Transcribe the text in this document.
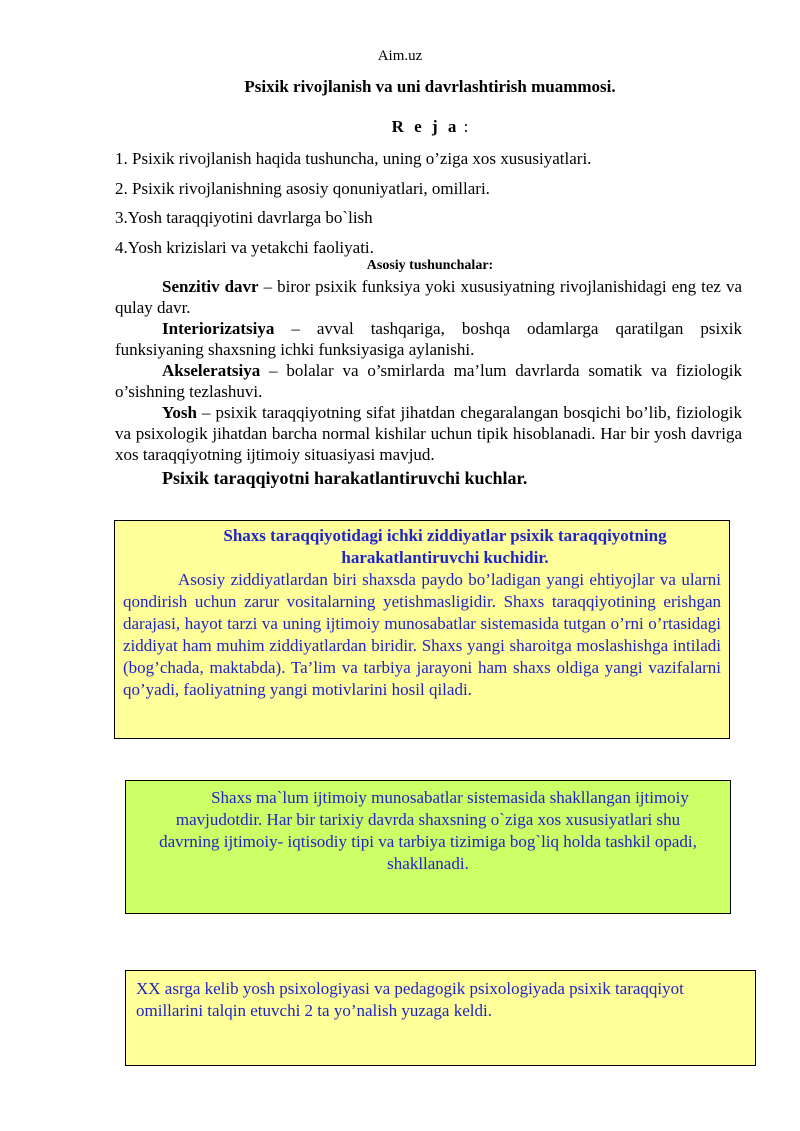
Aim.uz
Psixik rivojlanish va uni davrlashtirish muammosi.
R e j a :
1. Psixik rivojlanish haqida tushuncha, uning o’ziga xos xususiyatlari.
2. Psixik rivojlanishning asosiy qonuniyatlari, omillari.
3.Yosh taraqqiyotini davrlarga bo`lish
4.Yosh krizislari va yetakchi faoliyati.
Asosiy tushunchalar:

Senzitiv davr – biror psixik funksiya yoki xususiyatning rivojlanishidagi eng tez va qulay davr.

Interiorizatsiya – avval tashqariga, boshqa odamlarga qaratilgan psixik funksiyaning shaxsning ichki funksiyasiga aylanishi.

Akseleratsiya – bolalar va o’smirlarda ma’lum davrlarda somatik va fiziologik o’sishning tezlashuvi.

Yosh – psixik taraqqiyotning sifat jihatdan chegaralangan bosqichi bo’lib, fiziologik va psixologik jihatdan barcha normal kishilar uchun tipik hisoblanadi. Har bir yosh davriga xos taraqqiyotning ijtimoiy situasiyasi mavjud.

Psixik taraqqiyotni harakatlantiruvchi kuchlar.

Shaxs taraqqiyotidagi ichki ziddiyatlar psixik taraqqiyotning harakatlantiruvchi kuchidir.

Asosiy ziddiyatlardan biri shaxsda paydo bo’ladigan yangi ehtiyojlar va ularni qondirish uchun zarur vositalarning yetishmasligidir. Shaxs taraqqiyotining erishgan darajasi, hayot tarzi va uning ijtimoiy munosabatlar sistemasida tutgan o’rni o’rtasidagi ziddiyat ham muhim ziddiyatlardan biridir. Shaxs yangi sharoitga moslashishga intiladi (bog’chada, maktabda). Ta’lim va tarbiya jarayoni ham shaxs oldiga yangi vazifalarni qo’yadi, faoliyatning yangi motivlarini hosil qiladi.

Shaxs ma`lum ijtimoiy munosabatlar sistemasida shakllangan ijtimoiy mavjudotdir. Har bir tarixiy davrda shaxsning o`ziga xos xususiyatlari shu davrning ijtimoiy- iqtisodiy tipi va tarbiya tizimiga bog`liq holda tashkil opadi, shakllanadi.

XX asrga kelib yosh psixologiyasi va pedagogik psixologiyada psixik taraqqiyot omillarini talqin etuvchi 2 ta yo’nalish yuzaga keldi.
